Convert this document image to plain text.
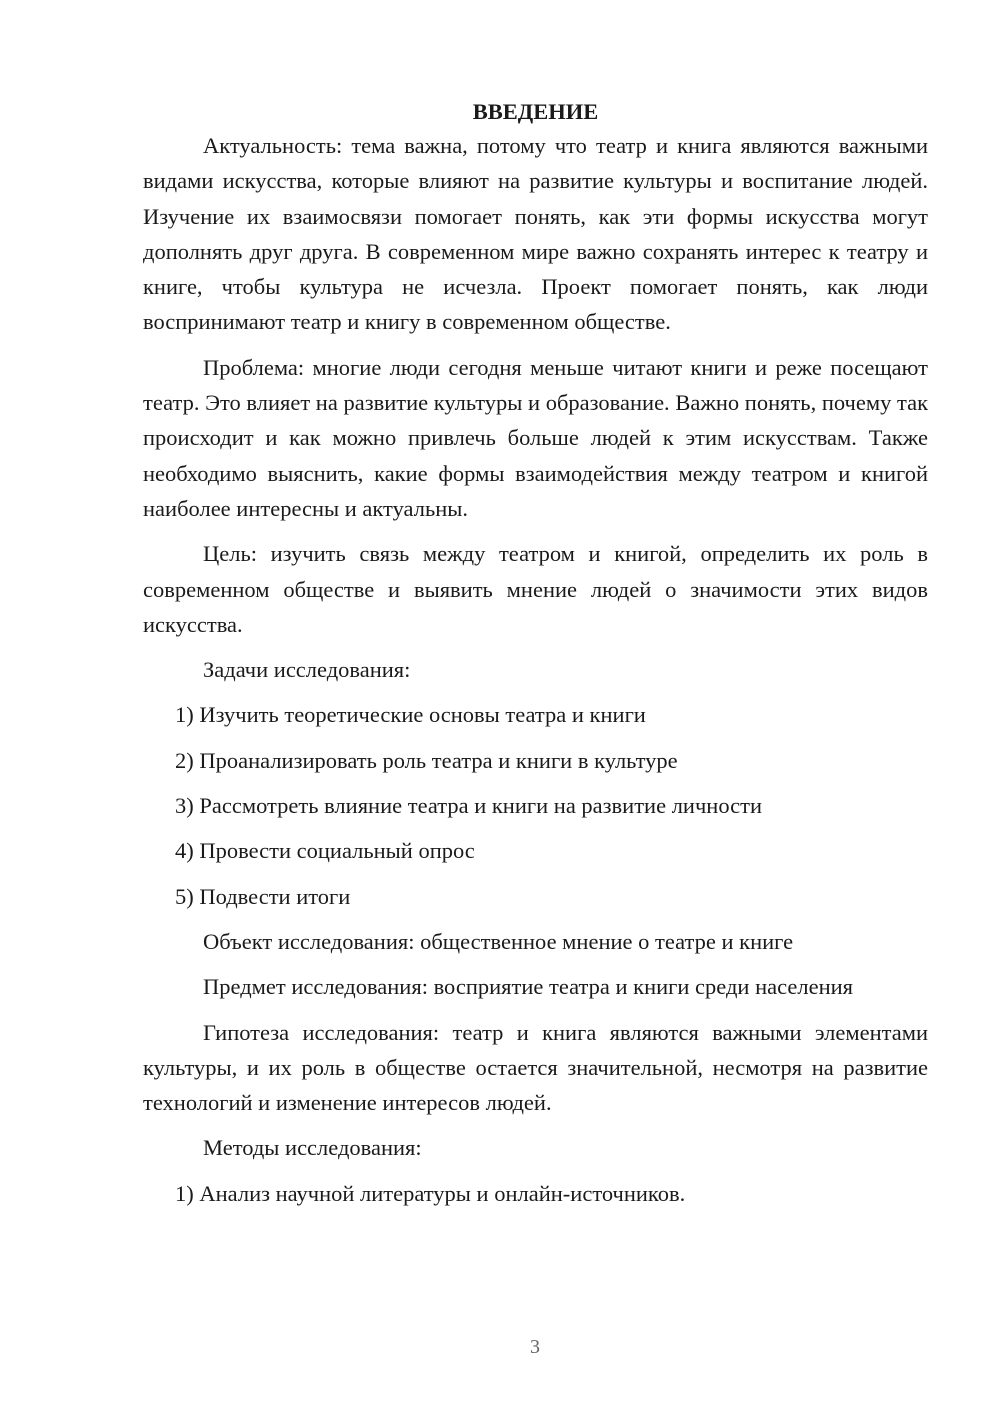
ВВЕДЕНИЕ

Актуальность: тема важна, потому что театр и книга являются важными видами искусства, которые влияют на развитие культуры и воспитание людей. Изучение их взаимосвязи помогает понять, как эти формы искусства могут дополнять друг друга. В современном мире важно сохранять интерес к театру и книге, чтобы культура не исчезла. Проект помогает понять, как люди воспринимают театр и книгу в современном обществе.

Проблема: многие люди сегодня меньше читают книги и реже посещают театр. Это влияет на развитие культуры и образование. Важно понять, почему так происходит и как можно привлечь больше людей к этим искусствам. Также необходимо выяснить, какие формы взаимодействия между театром и книгой наиболее интересны и актуальны.

Цель: изучить связь между театром и книгой, определить их роль в современном обществе и выявить мнение людей о значимости этих видов искусства.

Задачи исследования:
1) Изучить теоретические основы театра и книги
2) Проанализировать роль театра и книги в культуре
3) Рассмотреть влияние театра и книги на развитие личности
4) Провести социальный опрос
5) Подвести итоги
Объект исследования: общественное мнение о театре и книге
Предмет исследования: восприятие театра и книги среди населения

Гипотеза исследования: театр и книга являются важными элементами культуры, и их роль в обществе остается значительной, несмотря на развитие технологий и изменение интересов людей.

Методы исследования:
1) Анализ научной литературы и онлайн-источников.
3
